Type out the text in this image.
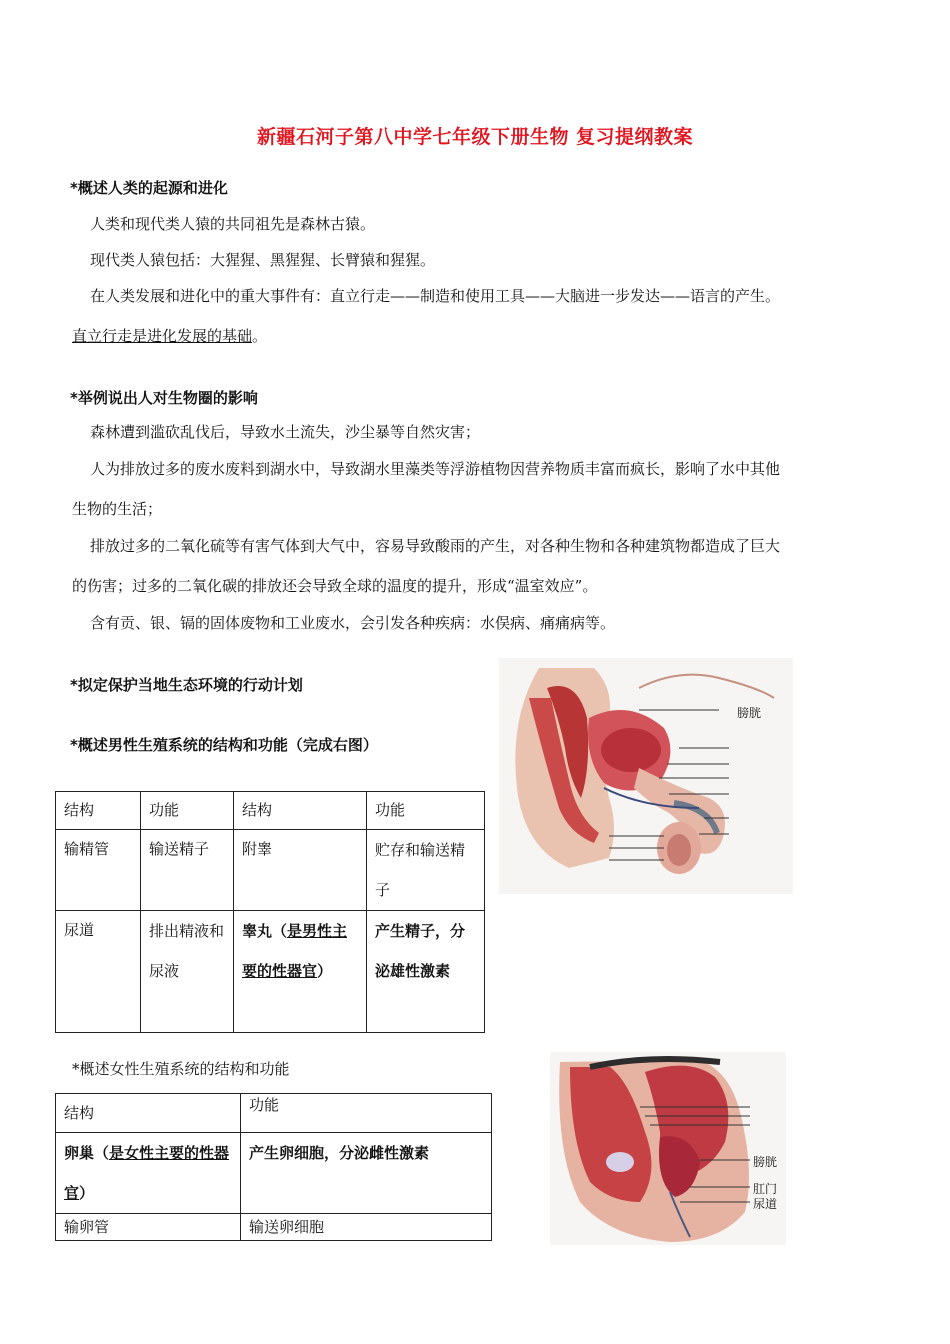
新疆石河子第八中学七年级下册生物 复习提纲教案
*概述人类的起源和进化
人类和现代类人猿的共同祖先是森林古猿。
现代类人猿包括：大猩猩、黑猩猩、长臂猿和猩猩。
在人类发展和进化中的重大事件有：直立行走——制造和使用工具——大脑进一步发达——语言的产生。
直立行走是进化发展的基础。
*举例说出人对生物圈的影响
森林遭到滥砍乱伐后，导致水土流失，沙尘暴等自然灾害；
人为排放过多的废水废料到湖水中，导致湖水里藻类等浮游植物因营养物质丰富而疯长，影响了水中其他
生物的生活；
排放过多的二氧化硫等有害气体到大气中，容易导致酸雨的产生，对各种生物和各种建筑物都造成了巨大
的伤害；过多的二氧化碳的排放还会导致全球的温度的提升，形成“温室效应”。
含有贡、银、镉的固体废物和工业废水，会引发各种疾病：水俣病、痛痛病等。
*拟定保护当地生态环境的行动计划
*概述男性生殖系统的结构和功能（完成右图）
结构	功能	结构	功能
输精管	输送精子	附睾	贮存和输送精子
尿道	排出精液和尿液	睾丸（是男性主要的性器官）	产生精子，分泌雄性激素
膀胱
*概述女性生殖系统的结构和功能
结构	功能
卵巢（是女性主要的性器官）	产生卵细胞，分泌雌性激素
输卵管	输送卵细胞
膀胱
肛门
尿道
